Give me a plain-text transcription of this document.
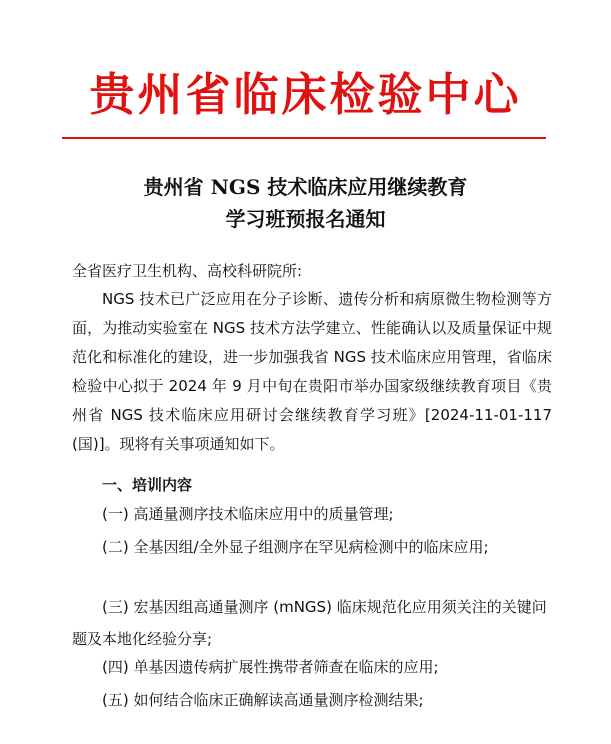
贵州省临床检验中心
贵州省 NGS 技术临床应用继续教育
学习班预报名通知

全省医疗卫生机构、高校科研院所:

NGS 技术已广泛应用在分子诊断、遗传分析和病原微生物检测等方面，为推动实验室在 NGS 技术方法学建立、性能确认以及质量保证中规范化和标准化的建设，进一步加强我省 NGS 技术临床应用管理，省临床检验中心拟于 2024 年 9 月中旬在贵阳市举办国家级继续教育项目《贵州省 NGS 技术临床应用研讨会继续教育学习班》[2024-11-01-117 (国)]。现将有关事项通知如下。

一、培训内容

(一) 高通量测序技术临床应用中的质量管理;

(二) 全基因组/全外显子组测序在罕见病检测中的临床应用;

(三) 宏基因组高通量测序 (mNGS) 临床规范化应用须关注的关键问题及本地化经验分享;

(四) 单基因遗传病扩展性携带者筛查在临床的应用;

(五) 如何结合临床正确解读高通量测序检测结果;
